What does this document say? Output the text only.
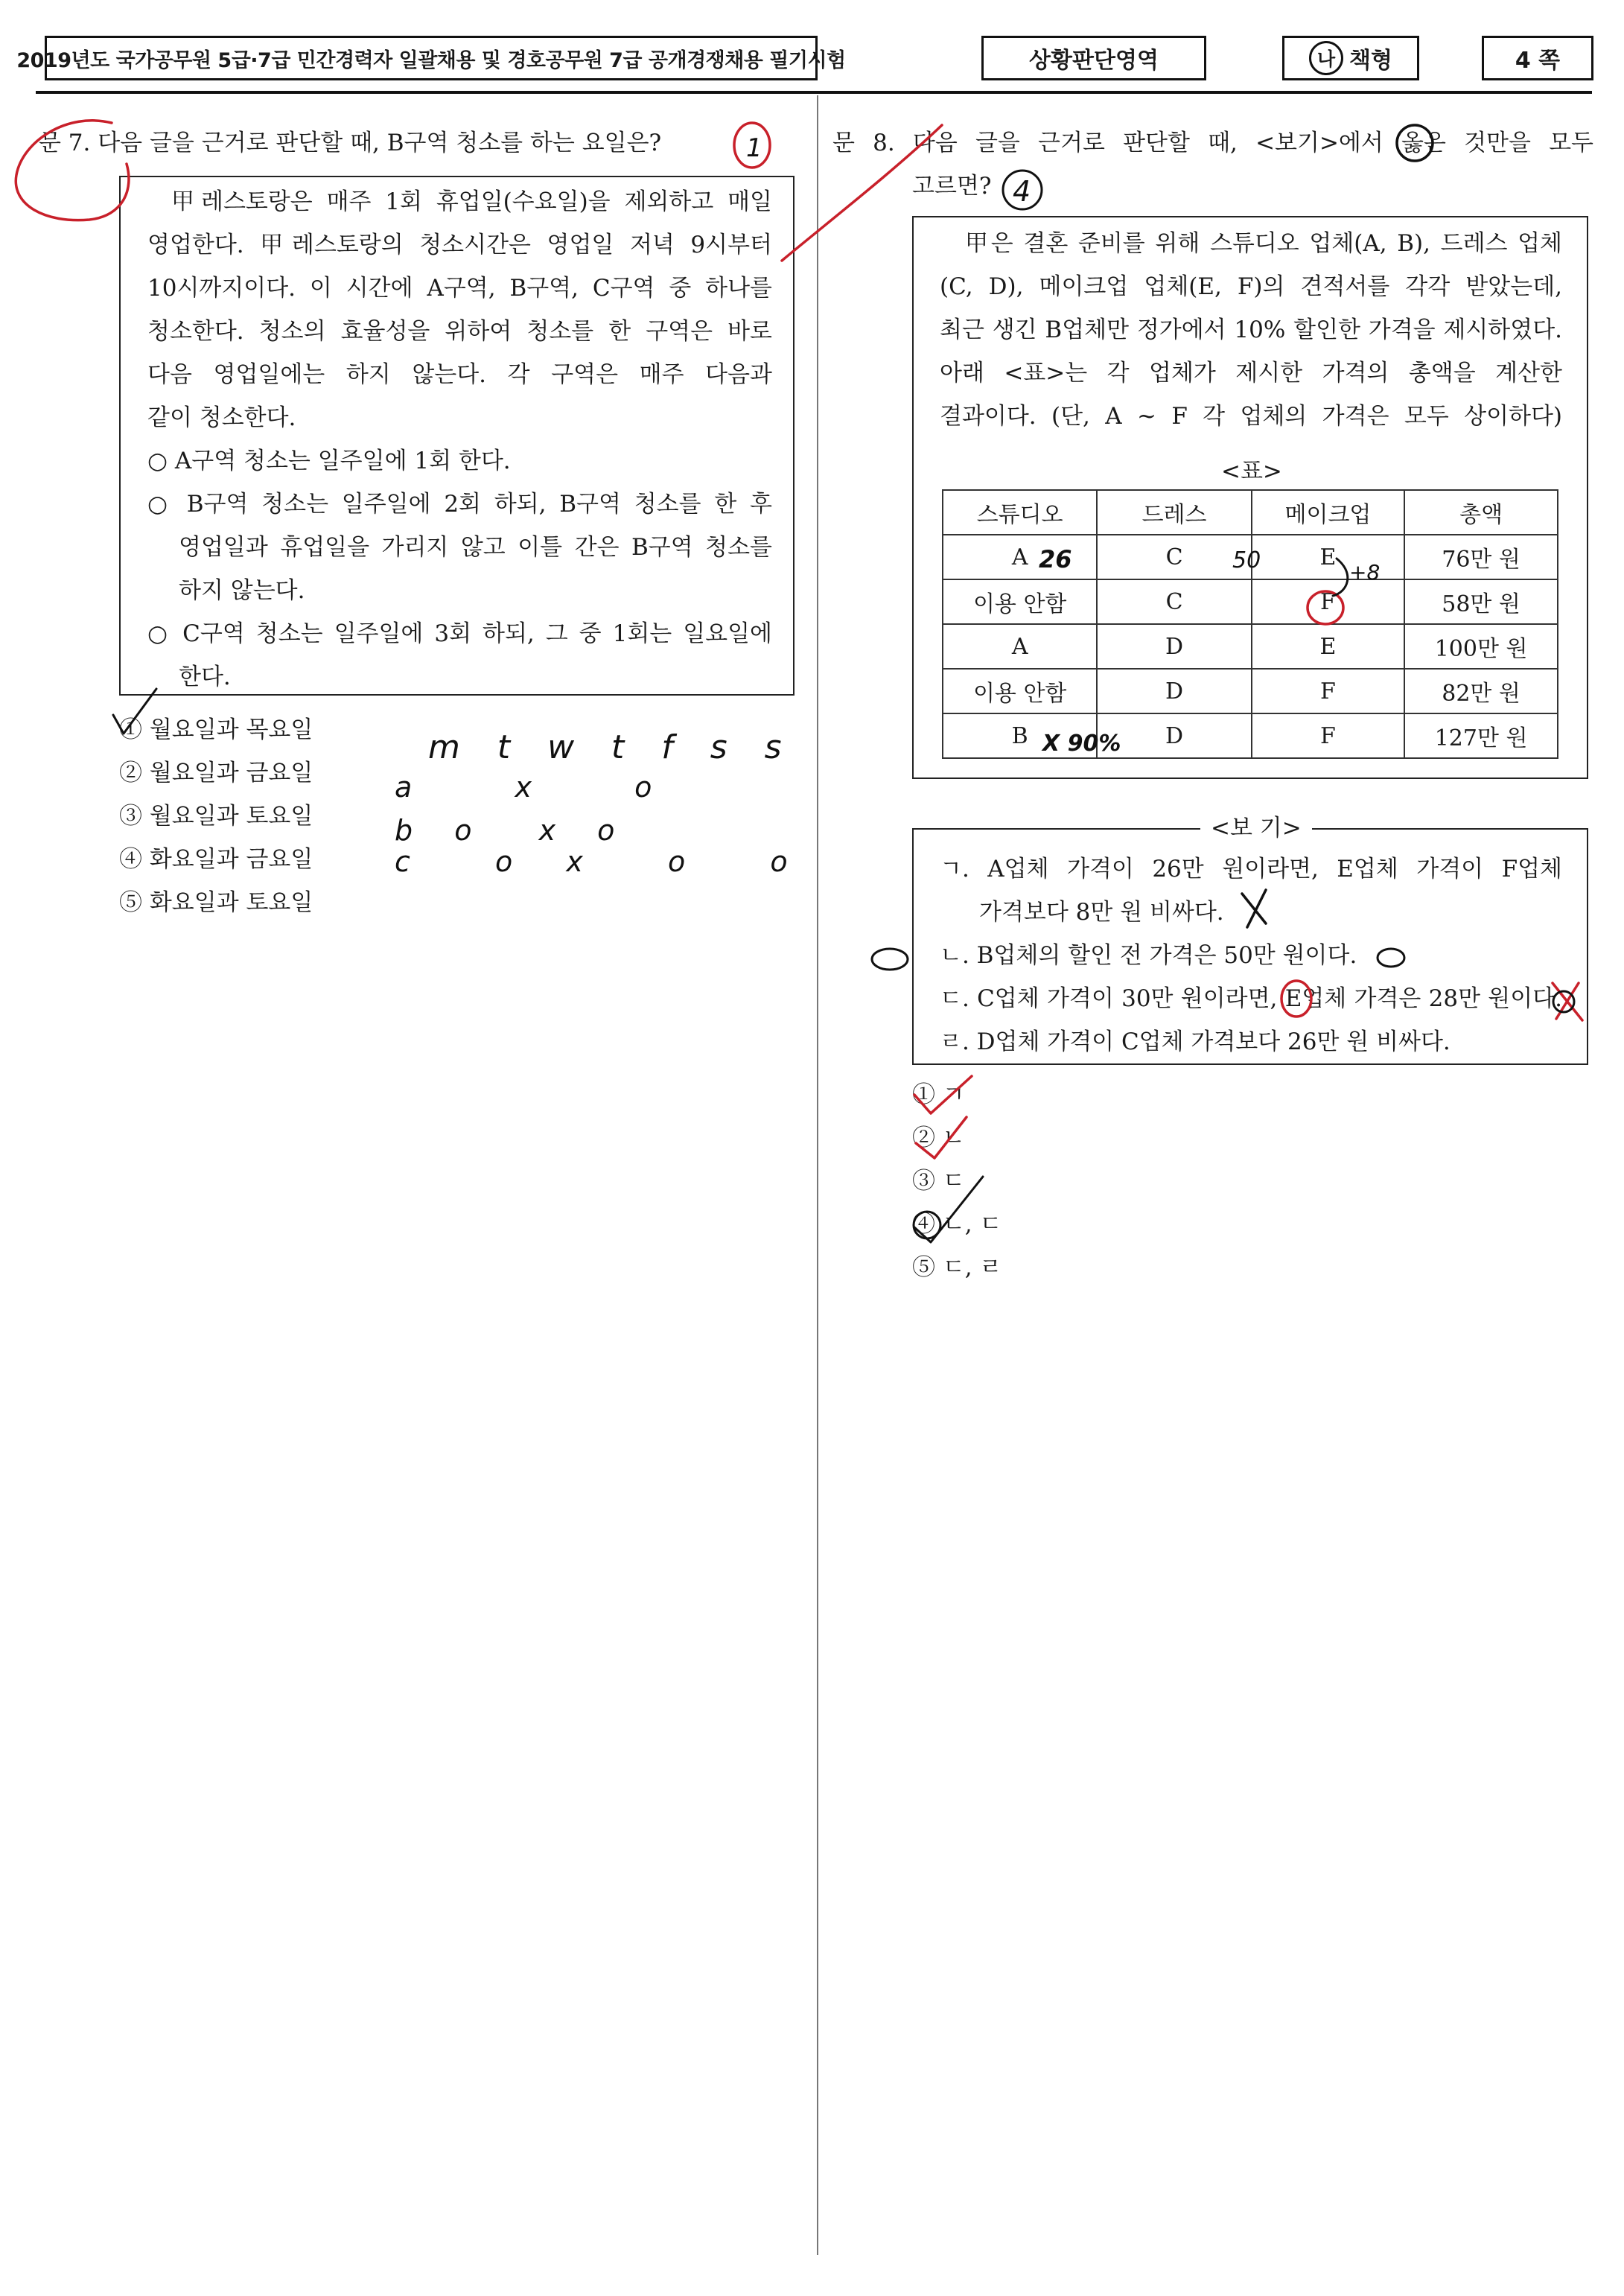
2019년도 국가공무원 5급·7급 민간경력자 일괄채용 및 경호공무원 7급 공개경쟁채용 필기시험	상황판단영역	나 책형	4 쪽
문 7. 다음 글을 근거로 판단할 때, B구역 청소를 하는 요일은?
甲레스토랑은 매주 1회 휴업일(수요일)을 제외하고 매일
영업한다. 甲레스토랑의 청소시간은 영업일 저녁 9시부터
10시까지이다. 이 시간에 A구역, B구역, C구역 중 하나를
청소한다. 청소의 효율성을 위하여 청소를 한 구역은 바로
다음 영업일에는 하지 않는다. 각 구역은 매주 다음과
같이 청소한다.
○ A구역 청소는 일주일에 1회 한다.
○ B구역 청소는 일주일에 2회 하되, B구역 청소를 한 후
영업일과 휴업일을 가리지 않고 이틀 간은 B구역 청소를
하지 않는다.
○ C구역 청소는 일주일에 3회 하되, 그 중 1회는 일요일에
한다.
① 월요일과 목요일
② 월요일과 금요일
③ 월요일과 토요일
④ 화요일과 금요일
⑤ 화요일과 토요일
문 8. 다음 글을 근거로 판단할 때, <보기>에서 옳은 것만을 모두
고르면?
甲은 결혼 준비를 위해 스튜디오 업체(A, B), 드레스 업체
(C, D), 메이크업 업체(E, F)의 견적서를 각각 받았는데,
최근 생긴 B업체만 정가에서 10% 할인한 가격을 제시하였다.
아래 <표>는 각 업체가 제시한 가격의 총액을 계산한
결과이다. (단, A ~ F 각 업체의 가격은 모두 상이하다)
<표>
스튜디오	드레스	메이크업	총액
A	C	E	76만 원
이용 안함	C	F	58만 원
A	D	E	100만 원
이용 안함	D	F	82만 원
B	D	F	127만 원
<보 기>
ㄱ. A업체 가격이 26만 원이라면, E업체 가격이 F업체
가격보다 8만 원 비싸다.
ㄴ. B업체의 할인 전 가격은 50만 원이다.
ㄷ. C업체 가격이 30만 원이라면, E업체 가격은 28만 원이다.
ㄹ. D업체 가격이 C업체 가격보다 26만 원 비싸다.
① ㄱ
② ㄴ
③ ㄷ
④ ㄴ, ㄷ
⑤ ㄷ, ㄹ
1
4
m t w t f s s
a  x  o
b o  x o
c  o x  o  o
26	50	+8
X 90%
